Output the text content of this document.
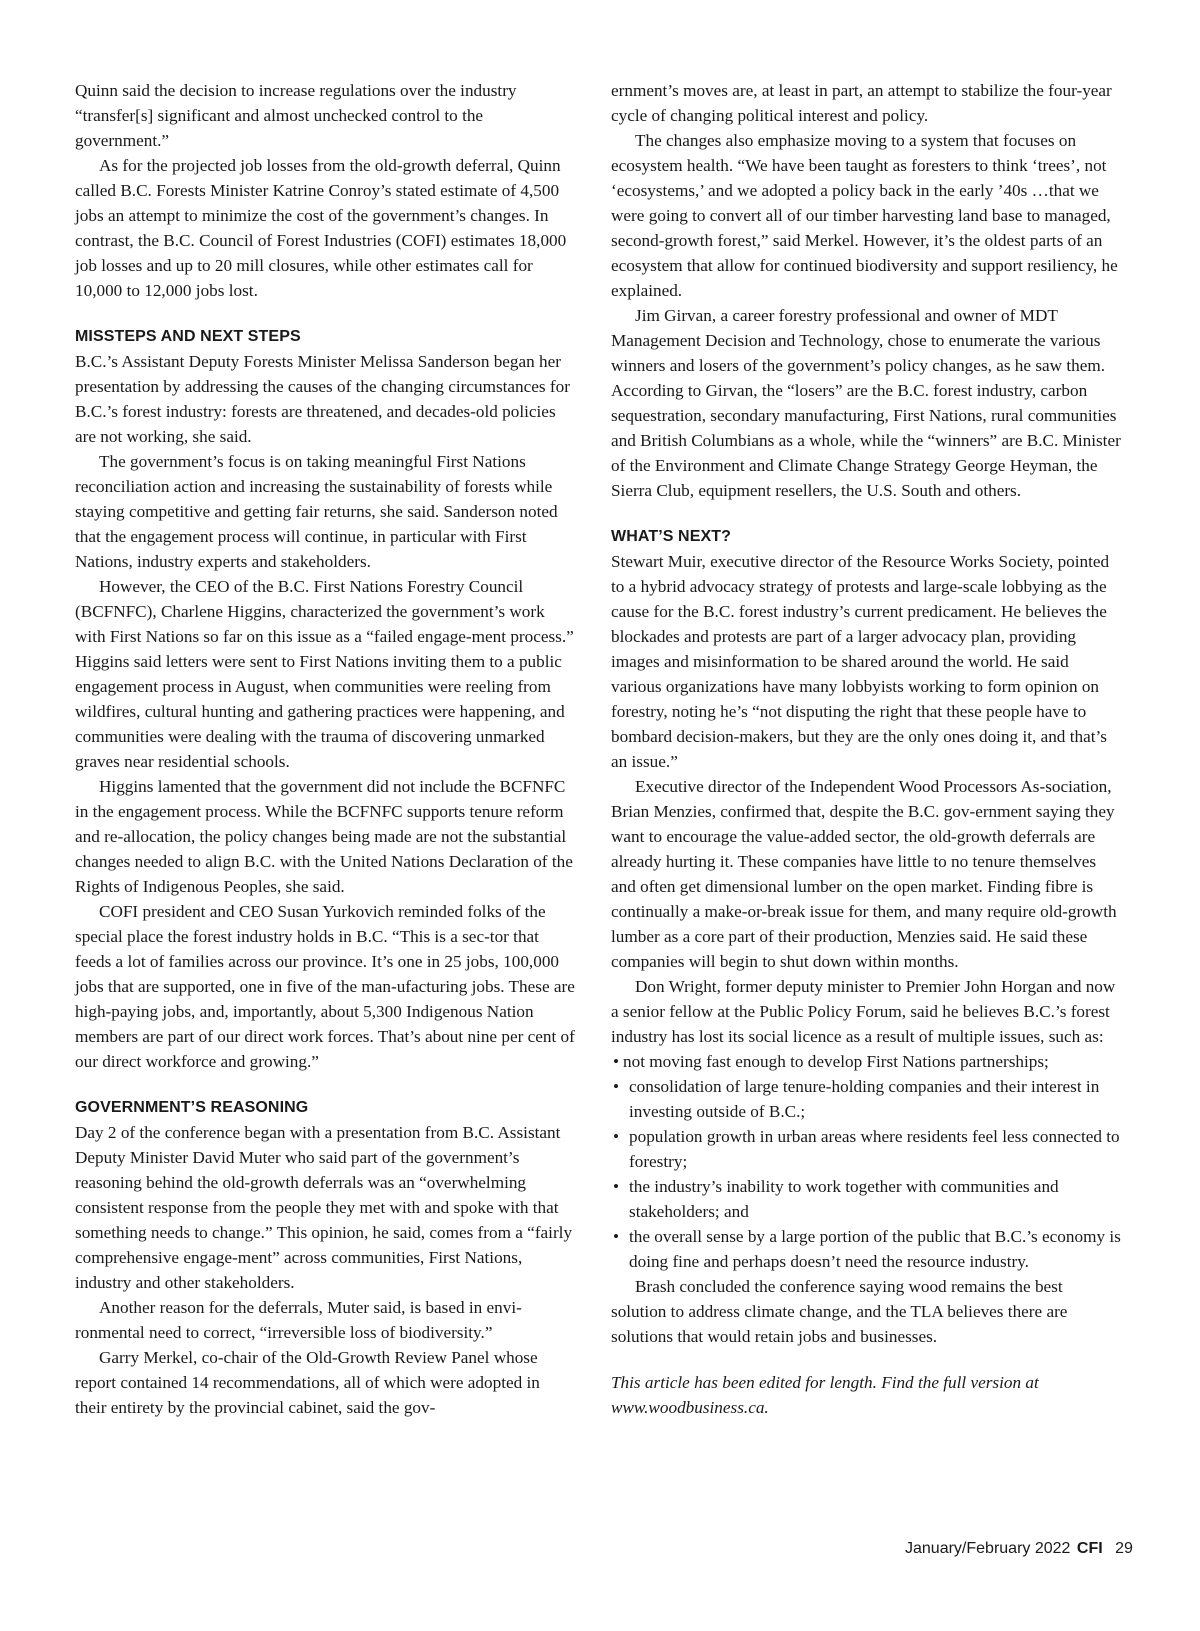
Quinn said the decision to increase regulations over the industry “transfer[s] significant and almost unchecked control to the government.”

As for the projected job losses from the old-growth deferral, Quinn called B.C. Forests Minister Katrine Conroy’s stated estimate of 4,500 jobs an attempt to minimize the cost of the government’s changes. In contrast, the B.C. Council of Forest Industries (COFI) estimates 18,000 job losses and up to 20 mill closures, while other estimates call for 10,000 to 12,000 jobs lost.

MISSTEPS AND NEXT STEPS

B.C.’s Assistant Deputy Forests Minister Melissa Sanderson began her presentation by addressing the causes of the changing circumstances for B.C.’s forest industry: forests are threatened, and decades-old policies are not working, she said.

The government’s focus is on taking meaningful First Nations reconciliation action and increasing the sustainability of forests while staying competitive and getting fair returns, she said. Sanderson noted that the engagement process will continue, in particular with First Nations, industry experts and stakeholders.

However, the CEO of the B.C. First Nations Forestry Council (BCFNFC), Charlene Higgins, characterized the government’s work with First Nations so far on this issue as a “failed engage-ment process.” Higgins said letters were sent to First Nations inviting them to a public engagement process in August, when communities were reeling from wildfires, cultural hunting and gathering practices were happening, and communities were dealing with the trauma of discovering unmarked graves near residential schools.

Higgins lamented that the government did not include the BCFNFC in the engagement process. While the BCFNFC supports tenure reform and re-allocation, the policy changes being made are not the substantial changes needed to align B.C. with the United Nations Declaration of the Rights of Indigenous Peoples, she said.

COFI president and CEO Susan Yurkovich reminded folks of the special place the forest industry holds in B.C. “This is a sec-tor that feeds a lot of families across our province. It’s one in 25 jobs, 100,000 jobs that are supported, one in five of the man-ufacturing jobs. These are high-paying jobs, and, importantly, about 5,300 Indigenous Nation members are part of our direct work forces. That’s about nine per cent of our direct workforce and growing.”

GOVERNMENT’S REASONING

Day 2 of the conference began with a presentation from B.C. Assistant Deputy Minister David Muter who said part of the government’s reasoning behind the old-growth deferrals was an “overwhelming consistent response from the people they met with and spoke with that something needs to change.” This opinion, he said, comes from a “fairly comprehensive engage-ment” across communities, First Nations, industry and other stakeholders.

Another reason for the deferrals, Muter said, is based in envi-ronmental need to correct, “irreversible loss of biodiversity.”

Garry Merkel, co-chair of the Old-Growth Review Panel whose report contained 14 recommendations, all of which were adopted in their entirety by the provincial cabinet, said the gov-

ernment’s moves are, at least in part, an attempt to stabilize the four-year cycle of changing political interest and policy.

The changes also emphasize moving to a system that focuses on ecosystem health. “We have been taught as foresters to think ‘trees’, not ‘ecosystems,’ and we adopted a policy back in the early ’40s …that we were going to convert all of our timber harvesting land base to managed, second-growth forest,” said Merkel. However, it’s the oldest parts of an ecosystem that allow for continued biodiversity and support resiliency, he explained.

Jim Girvan, a career forestry professional and owner of MDT Management Decision and Technology, chose to enumerate the various winners and losers of the government’s policy changes, as he saw them. According to Girvan, the “losers” are the B.C. forest industry, carbon sequestration, secondary manufacturing, First Nations, rural communities and British Columbians as a whole, while the “winners” are B.C. Minister of the Environment and Climate Change Strategy George Heyman, the Sierra Club, equipment resellers, the U.S. South and others.

WHAT’S NEXT?

Stewart Muir, executive director of the Resource Works Society, pointed to a hybrid advocacy strategy of protests and large-scale lobbying as the cause for the B.C. forest industry’s current predicament. He believes the blockades and protests are part of a larger advocacy plan, providing images and misinformation to be shared around the world. He said various organizations have many lobbyists working to form opinion on forestry, noting he’s “not disputing the right that these people have to bombard decision-makers, but they are the only ones doing it, and that’s an issue.”

Executive director of the Independent Wood Processors As-sociation, Brian Menzies, confirmed that, despite the B.C. gov-ernment saying they want to encourage the value-added sector, the old-growth deferrals are already hurting it. These companies have little to no tenure themselves and often get dimensional lumber on the open market. Finding fibre is continually a make-or-break issue for them, and many require old-growth lumber as a core part of their production, Menzies said. He said these companies will begin to shut down within months.

Don Wright, former deputy minister to Premier John Horgan and now a senior fellow at the Public Policy Forum, said he believes B.C.’s forest industry has lost its social licence as a result of multiple issues, such as:

• not moving fast enough to develop First Nations partnerships;
• consolidation of large tenure-holding companies and their interest in investing outside of B.C.;
• population growth in urban areas where residents feel less connected to forestry;
• the industry’s inability to work together with communities and stakeholders; and
• the overall sense by a large portion of the public that B.C.’s economy is doing fine and perhaps doesn’t need the resource industry.

Brash concluded the conference saying wood remains the best solution to address climate change, and the TLA believes there are solutions that would retain jobs and businesses.

This article has been edited for length. Find the full version at www.woodbusiness.ca.

January/February 2022 CFI 29
